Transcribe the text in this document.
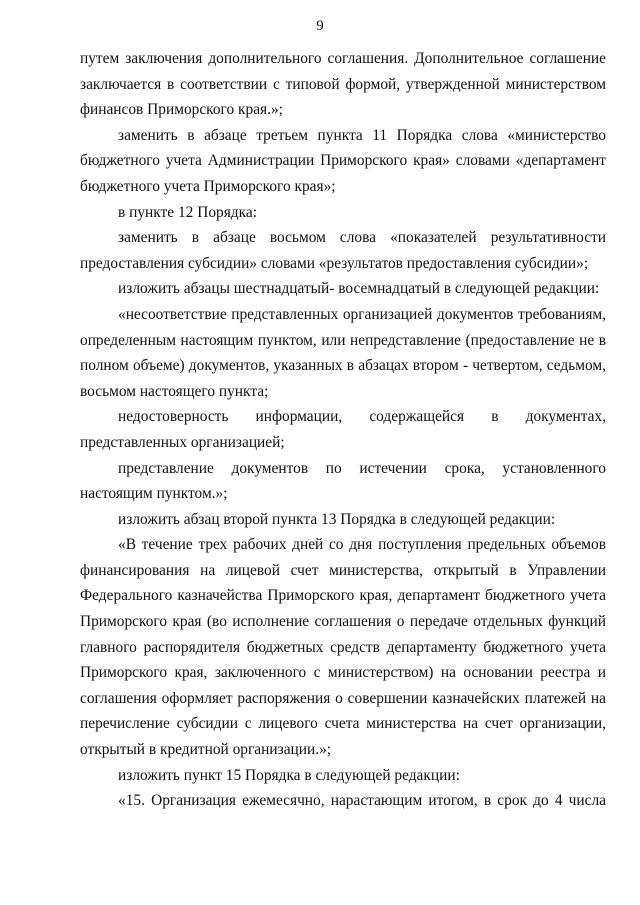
9

путем заключения дополнительного соглашения. Дополнительное соглашение заключается в соответствии с типовой формой, утвержденной министерством финансов Приморского края.»;

заменить в абзаце третьем пункта 11 Порядка слова «министерство бюджетного учета Администрации Приморского края» словами «департамент бюджетного учета Приморского края»;

в пункте 12 Порядка:

заменить в абзаце восьмом слова «показателей результативности предоставления субсидии» словами «результатов предоставления субсидии»;

изложить абзацы шестнадцатый- восемнадцатый в следующей редакции:

«несоответствие представленных организацией документов требованиям, определенным настоящим пунктом, или непредставление (предоставление не в полном объеме) документов, указанных в абзацах втором - четвертом, седьмом, восьмом настоящего пункта;

недостоверность информации, содержащейся в документах, представленных организацией;

представление документов по истечении срока, установленного настоящим пунктом.»;

изложить абзац второй пункта 13 Порядка в следующей редакции:

«В течение трех рабочих дней со дня поступления предельных объемов финансирования на лицевой счет министерства, открытый в Управлении Федерального казначейства Приморского края, департамент бюджетного учета Приморского края (во исполнение соглашения о передаче отдельных функций главного распорядителя бюджетных средств департаменту бюджетного учета Приморского края, заключенного с министерством) на основании реестра и соглашения оформляет распоряжения о совершении казначейских платежей на перечисление субсидии с лицевого счета министерства на счет организации, открытый в кредитной организации.»;

изложить пункт 15 Порядка в следующей редакции:

«15. Организация ежемесячно, нарастающим итогом, в срок до 4 числа
